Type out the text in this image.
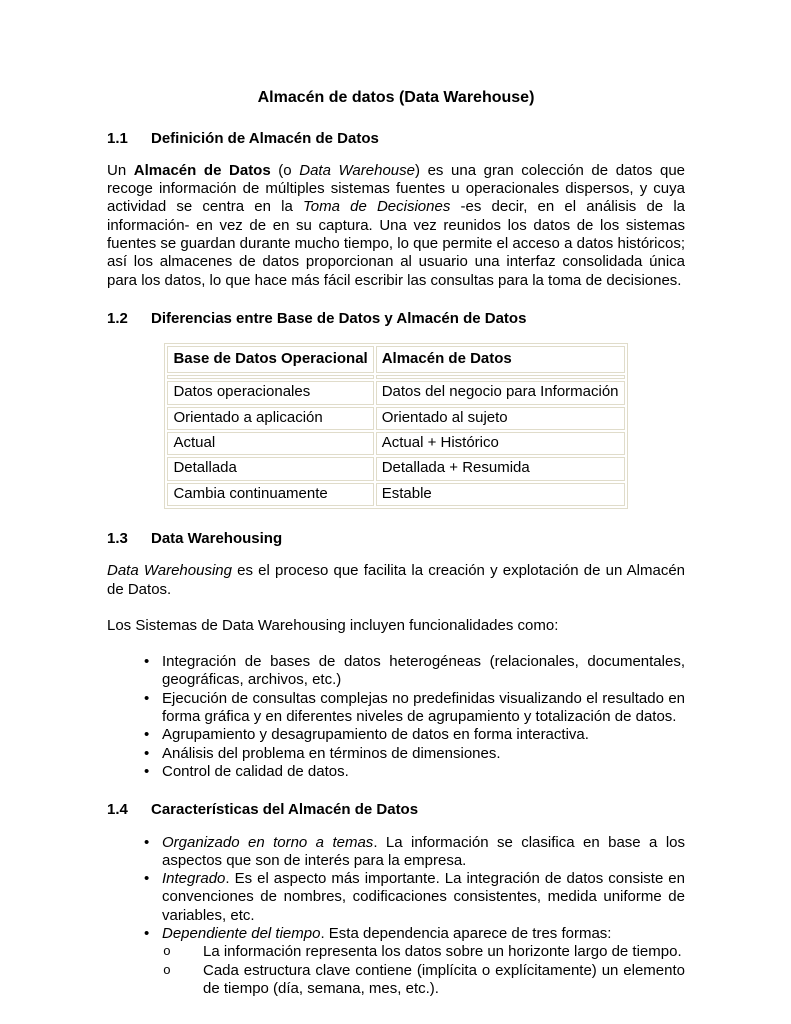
Almacén de datos (Data Warehouse)
1.1 Definición de Almacén de Datos
Un Almacén de Datos (o Data Warehouse) es una gran colección de datos que recoge información de múltiples sistemas fuentes u operacionales dispersos, y cuya actividad se centra en la Toma de Decisiones -es decir, en el análisis de la información- en vez de en su captura. Una vez reunidos los datos de los sistemas fuentes se guardan durante mucho tiempo, lo que permite el acceso a datos históricos; así los almacenes de datos proporcionan al usuario una interfaz consolidada única para los datos, lo que hace más fácil escribir las consultas para la toma de decisiones.
1.2 Diferencias entre Base de Datos y Almacén de Datos
Base de Datos Operacional	Almacén de Datos

Datos operacionales	Datos del negocio para Información
Orientado a aplicación	Orientado al sujeto
Actual	Actual + Histórico
Detallada	Detallada + Resumida
Cambia continuamente	Estable
1.3 Data Warehousing
Data Warehousing es el proceso que facilita la creación y explotación de un Almacén de Datos.
Los Sistemas de Data Warehousing incluyen funcionalidades como:
• Integración de bases de datos heterogéneas (relacionales, documentales, geográficas, archivos, etc.)
• Ejecución de consultas complejas no predefinidas visualizando el resultado en forma gráfica y en diferentes niveles de agrupamiento y totalización de datos.
• Agrupamiento y desagrupamiento de datos en forma interactiva.
• Análisis del problema en términos de dimensiones.
• Control de calidad de datos.
1.4 Características del Almacén de Datos
• Organizado en torno a temas. La información se clasifica en base a los aspectos que son de interés para la empresa.
• Integrado. Es el aspecto más importante. La integración de datos consiste en convenciones de nombres, codificaciones consistentes, medida uniforme de variables, etc.
• Dependiente del tiempo. Esta dependencia aparece de tres formas:
o La información representa los datos sobre un horizonte largo de tiempo.
o Cada estructura clave contiene (implícita o explícitamente) un elemento de tiempo (día, semana, mes, etc.).
